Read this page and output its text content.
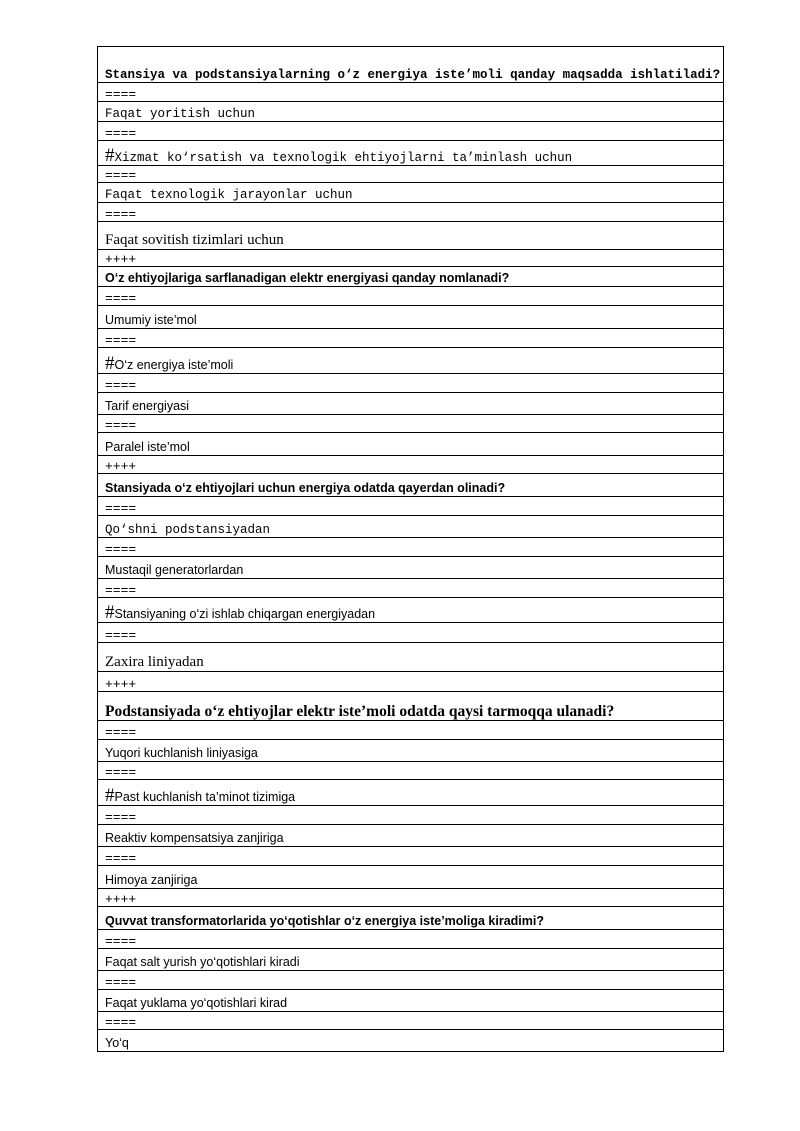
Stansiya va podstansiyalarning o‘z energiya iste’moli qanday maqsadda ishlatiladi?
====
Faqat yoritish uchun
====
#Xizmat ko‘rsatish va texnologik ehtiyojlarni ta’minlash uchun
====
Faqat texnologik jarayonlar uchun
====
Faqat sovitish tizimlari uchun
++++
O‘z ehtiyojlariga sarflanadigan elektr energiyasi qanday nomlanadi?
====
Umumiy iste’mol
====
#O‘z energiya iste’moli
====
Tarif energiyasi
====
Paralel iste’mol
++++
Stansiyada o‘z ehtiyojlari uchun energiya odatda qayerdan olinadi?
====
Qo‘shni podstansiyadan
====
Mustaqil generatorlardan
====
#Stansiyaning o‘zi ishlab chiqargan energiyadan
====
Zaxira liniyadan
++++
Podstansiyada o‘z ehtiyojlar elektr iste’moli odatda qaysi tarmoqqa ulanadi?
====
Yuqori kuchlanish liniyasiga
====
#Past kuchlanish ta’minot tizimiga
====
Reaktiv kompensatsiya zanjiriga
====
Himoya zanjiriga
++++
Quvvat transformatorlarida yo‘qotishlar o‘z energiya iste’moliga kiradimi?
====
Faqat salt yurish yo‘qotishlari kiradi
====
Faqat yuklama yo‘qotishlari kirad
====
Yo‘q
